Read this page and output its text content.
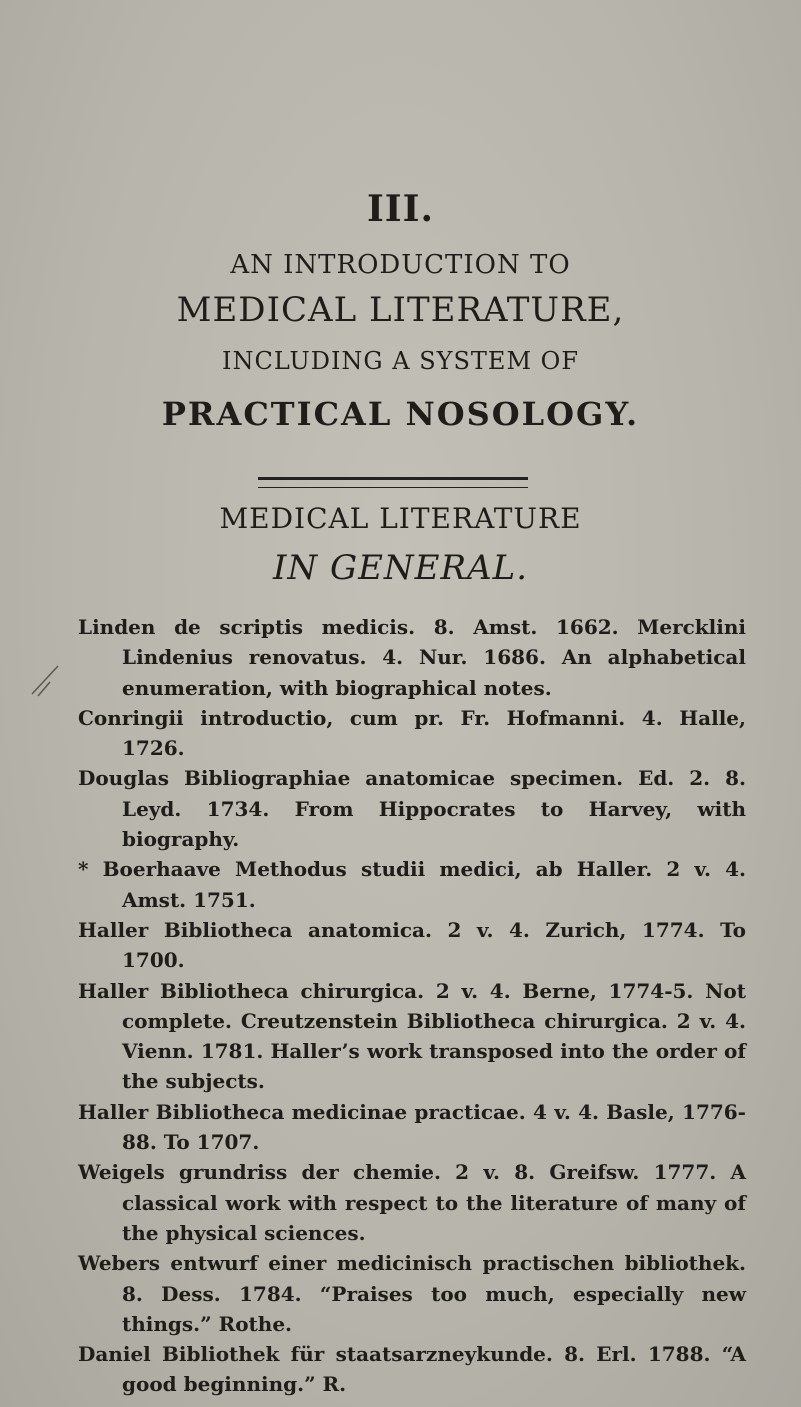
III.
AN INTRODUCTION TO
MEDICAL LITERATURE,
INCLUDING A SYSTEM OF
PRACTICAL NOSOLOGY.
MEDICAL LITERATURE
IN GENERAL.

Linden de scriptis medicis. 8. Amst. 1662. Mercklini Lindenius renovatus. 4. Nur. 1686. An alphabetical enumeration, with biographical notes.

Conringii introductio, cum pr. Fr. Hofmanni. 4. Halle, 1726.

Douglas Bibliographiae anatomicae specimen. Ed. 2. 8. Leyd. 1734. From Hippocrates to Harvey, with biography.

* Boerhaave Methodus studii medici, ab Haller. 2 v. 4. Amst. 1751.

Haller Bibliotheca anatomica. 2 v. 4. Zurich, 1774. To 1700.

Haller Bibliotheca chirurgica. 2 v. 4. Berne, 1774-5. Not complete. Creutzenstein Bibliotheca chirurgica. 2 v. 4. Vienn. 1781. Haller’s work transposed into the order of the subjects.

Haller Bibliotheca medicinae practicae. 4 v. 4. Basle, 1776-88. To 1707.

Weigels grundriss der chemie. 2 v. 8. Greifsw. 1777. A classical work with respect to the literature of many of the physical sciences.

Webers entwurf einer medicinisch practischen bibliothek. 8. Dess. 1784. “Praises too much, especially new things.” Rothe.

Daniel Bibliothek für staatsarzneykunde. 8. Erl. 1788. “A good beginning.” R.
